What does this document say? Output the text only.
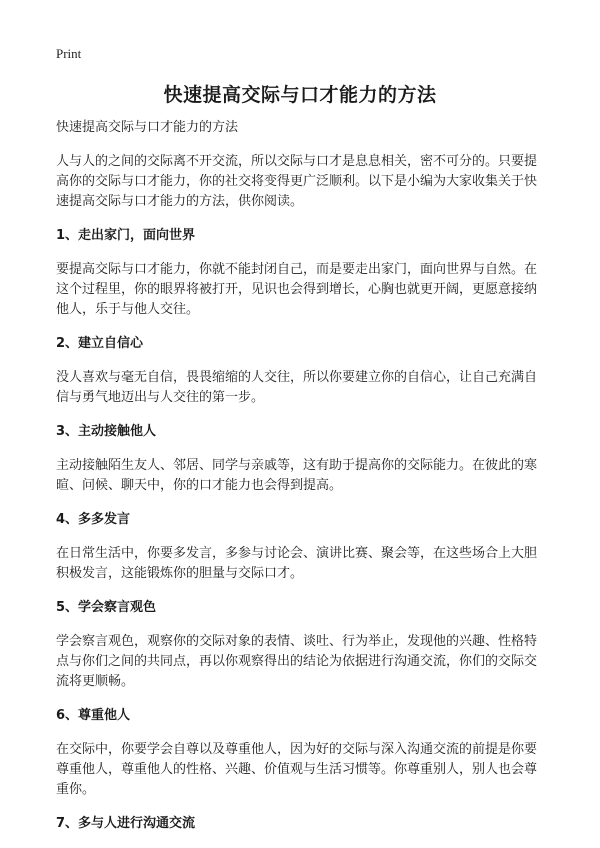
Print
快速提高交际与口才能力的方法
快速提高交际与口才能力的方法
人与人的之间的交际离不开交流，所以交际与口才是息息相关，密不可分的。只要提高你的交际与口才能力，你的社交将变得更广泛顺利。以下是小编为大家收集关于快速提高交际与口才能力的方法，供你阅读。
1、走出家门，面向世界
要提高交际与口才能力，你就不能封闭自己，而是要走出家门，面向世界与自然。在这个过程里，你的眼界将被打开，见识也会得到增长，心胸也就更开阔，更愿意接纳他人，乐于与他人交往。
2、建立自信心
没人喜欢与毫无自信，畏畏缩缩的人交往，所以你要建立你的自信心，让自己充满自信与勇气地迈出与人交往的第一步。
3、主动接触他人
主动接触陌生友人、邻居、同学与亲戚等，这有助于提高你的交际能力。在彼此的寒暄、问候、聊天中，你的口才能力也会得到提高。
4、多多发言
在日常生活中，你要多发言，多参与讨论会、演讲比赛、聚会等，在这些场合上大胆积极发言，这能锻炼你的胆量与交际口才。
5、学会察言观色
学会察言观色，观察你的交际对象的表情、谈吐、行为举止，发现他的兴趣、性格特点与你们之间的共同点，再以你观察得出的结论为依据进行沟通交流，你们的交际交流将更顺畅。
6、尊重他人
在交际中，你要学会自尊以及尊重他人，因为好的交际与深入沟通交流的前提是你要尊重他人，尊重他人的性格、兴趣、价值观与生活习惯等。你尊重别人，别人也会尊重你。
7、多与人进行沟通交流
